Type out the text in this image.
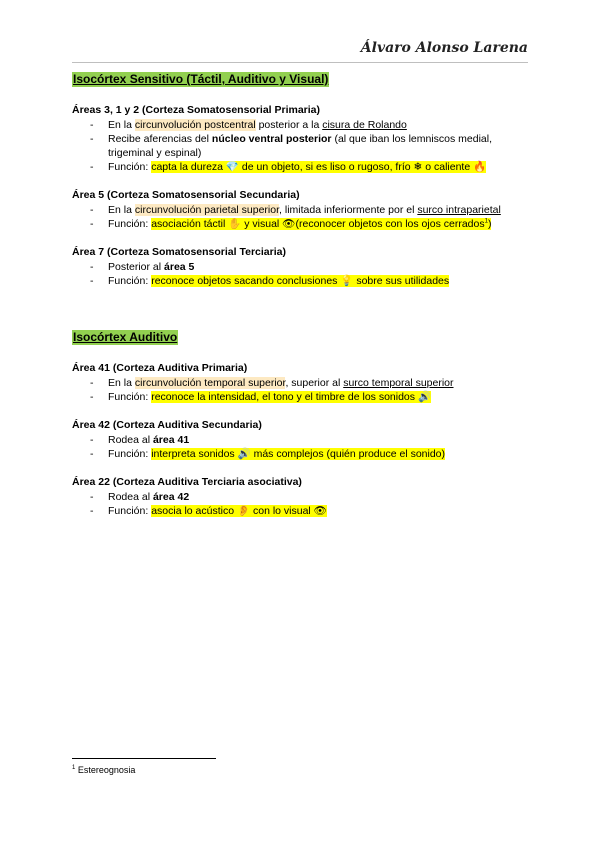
Álvaro Alonso Larena
Isocórtex Sensitivo (Táctil, Auditivo y Visual)
Áreas 3, 1 y 2 (Corteza Somatosensorial Primaria)
- En la circunvolución postcentral posterior a la cisura de Rolando
- Recibe aferencias del núcleo ventral posterior (al que iban los lemniscos medial, trigeminal y espinal)
- Función: capta la dureza 💎 de un objeto, si es liso o rugoso, frío ❄ o caliente 🔥
Área 5 (Corteza Somatosensorial Secundaria)
- En la circunvolución parietal superior, limitada inferiormente por el surco intraparietal
- Función: asociación táctil ✋ y visual 👁(reconocer objetos con los ojos cerrados$^1$)
Área 7 (Corteza Somatosensorial Terciaria)
- Posterior al área 5
- Función: reconoce objetos sacando conclusiones 💡 sobre sus utilidades
Isocórtex Auditivo
Área 41 (Corteza Auditiva Primaria)
- En la circunvolución temporal superior, superior al surco temporal superior
- Función: reconoce la intensidad, el tono y el timbre de los sonidos 🔊
Área 42 (Corteza Auditiva Secundaria)
- Rodea al área 41
- Función: interpreta sonidos 🔊 más complejos (quién produce el sonido)
Área 22 (Corteza Auditiva Terciaria asociativa)
- Rodea al área 42
- Función: asocia lo acústico 👂 con lo visual 👁
$^1$ Estereognosia
